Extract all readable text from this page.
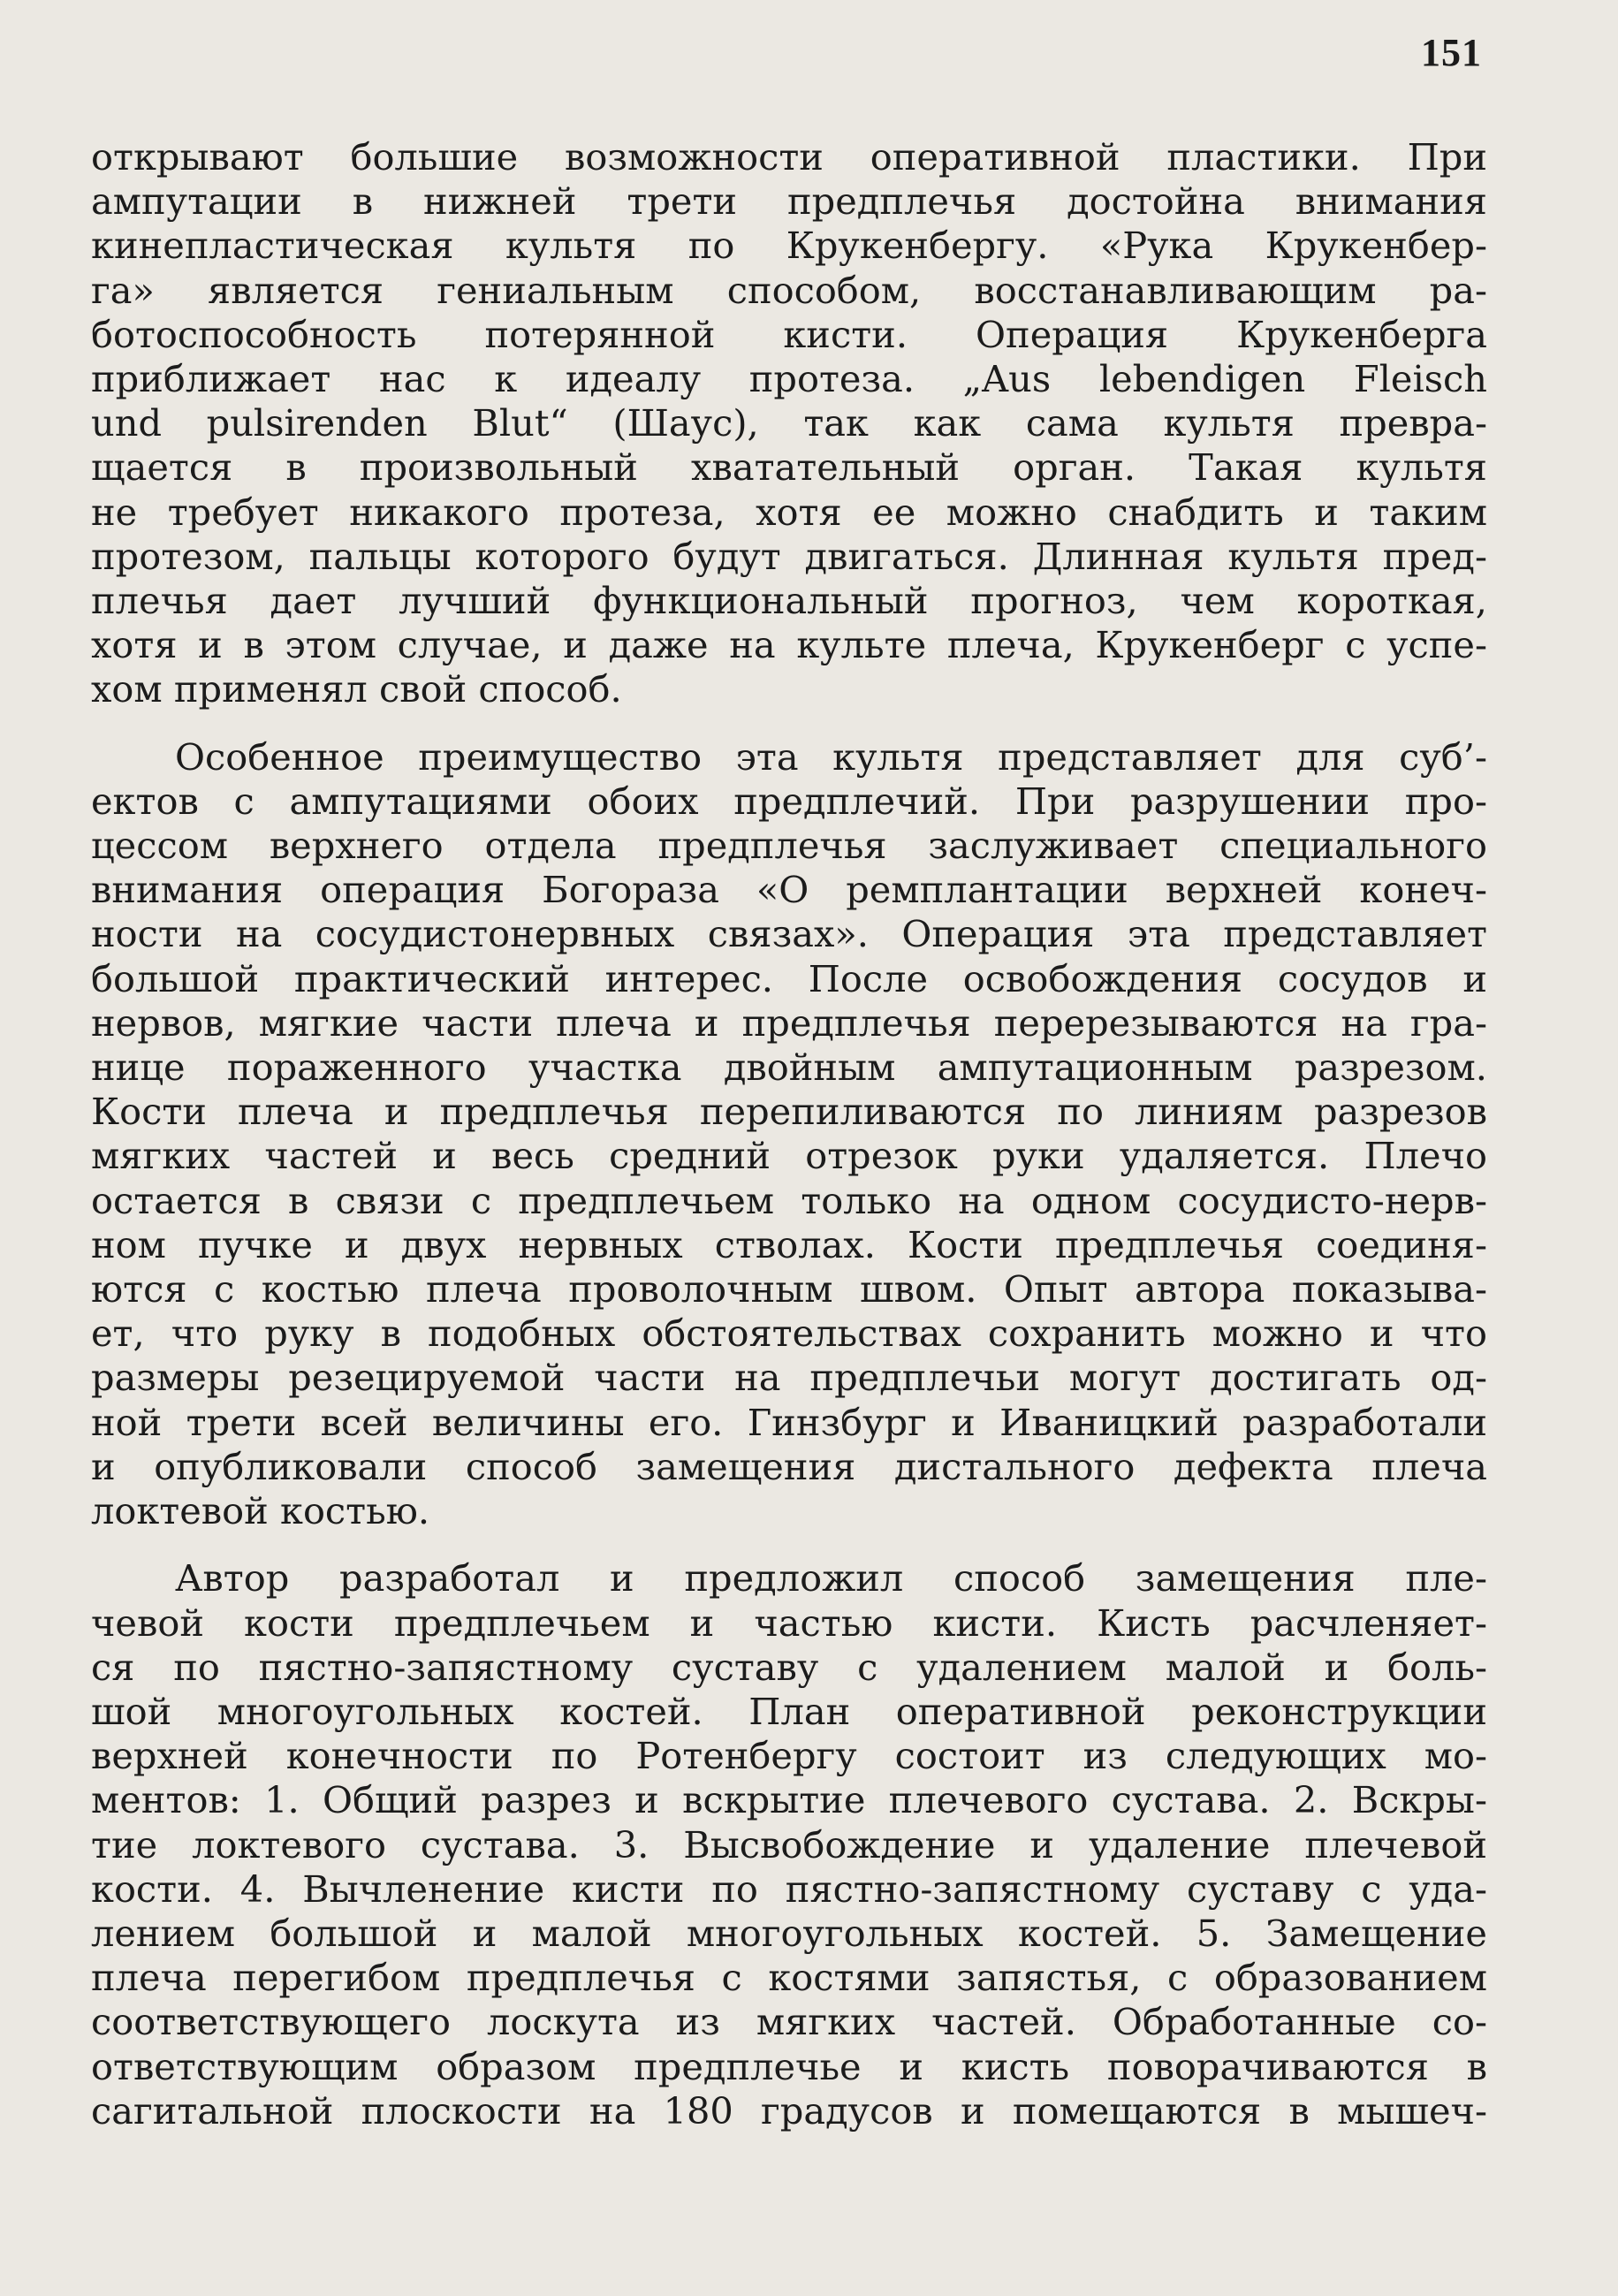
151

открывают большие возможности оперативной пластики. При

ампутации в нижней трети предплечья достойна внимания

кинепластическая культя по Крукенбергу. «Рука Крукенбер-

га» является гениальным способом, восстанавливающим ра-

ботоспособность потерянной кисти. Операция Крукенберга

приближает нас к идеалу протеза. „Aus lebendigen Fleisch

und pulsirenden Blut“ (Шаус), так как сама культя превра-

щается в произвольный хватательный орган. Такая культя

не требует никакого протеза, хотя ее можно снабдить и таким

протезом, пальцы которого будут двигаться. Длинная культя пред-

плечья дает лучший функциональный прогноз, чем короткая,

хотя и в этом случае, и даже на культе плеча, Крукенберг с успе-

хом применял свой способ.

Особенное преимущество эта культя представляет для суб’-

ектов с ампутациями обоих предплечий. При разрушении про-

цессом верхнего отдела предплечья заслуживает специального

внимания операция Богораза «О ремплантации верхней конеч-

ности на сосудистонервных связах». Операция эта представляет

большой практический интерес. После освобождения сосудов и

нервов, мягкие части плеча и предплечья перерезываются на гра-

нице пораженного участка двойным ампутационным разрезом.

Кости плеча и предплечья перепиливаются по линиям разрезов

мягких частей и весь средний отрезок руки удаляется. Плечо

остается в связи с предплечьем только на одном сосудисто-нерв-

ном пучке и двух нервных стволах. Кости предплечья соединя-

ются с костью плеча проволочным швом. Опыт автора показыва-

ет, что руку в подобных обстоятельствах сохранить можно и что

размеры резецируемой части на предплечьи могут достигать од-

ной трети всей величины его. Гинзбург и Иваницкий разработали

и опубликовали способ замещения дистального дефекта плеча

локтевой костью.

Автор разработал и предложил способ замещения пле-

чевой кости предплечьем и частью кисти. Кисть расчленяет-

ся по пястно-запястному суставу с удалением малой и боль-

шой многоугольных костей. План оперативной реконструкции

верхней конечности по Ротенбергу состоит из следующих мо-

ментов: 1. Общий разрез и вскрытие плечевого сустава. 2. Вскры-

тие локтевого сустава. 3. Высвобождение и удаление плечевой

кости. 4. Вычленение кисти по пястно-запястному суставу с уда-

лением большой и малой многоугольных костей. 5. Замещение

плеча перегибом предплечья с костями запястья, с образованием

соответствующего лоскута из мягких частей. Обработанные со-

ответствующим образом предплечье и кисть поворачиваются в

сагитальной плоскости на 180 градусов и помещаются в мышеч-
